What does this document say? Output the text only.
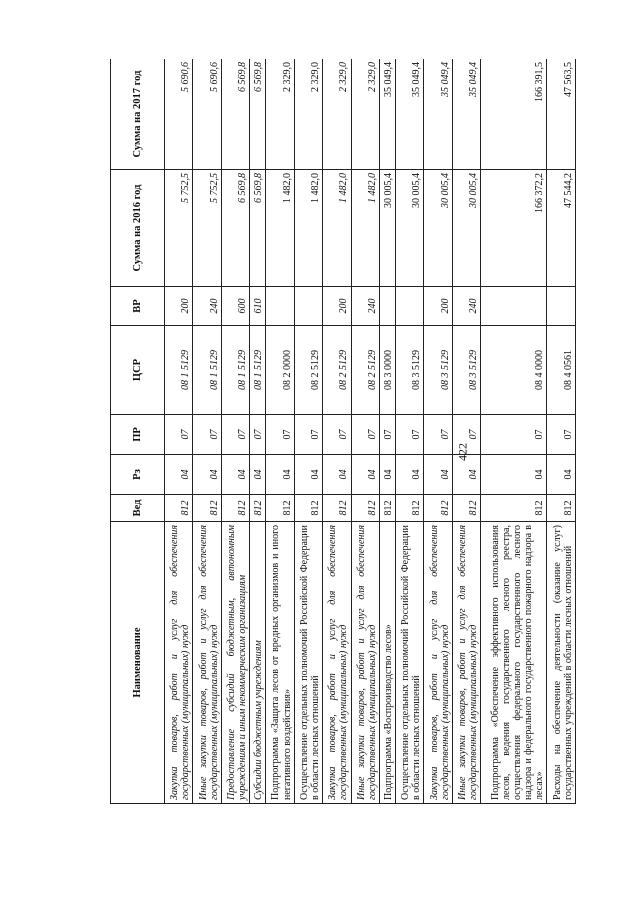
422
Наименование	Вед	Рз	ПР	ЦСР	ВР	Сумма на 2016 год	Сумма на 2017 год
Закупка товаров, работ и услуг для обеспечения государственных (муниципальных) нужд	812	04	07	08 1 5129	200	5 752,5	5 690,6
Иные закупки товаров, работ и услуг для обеспечения государственных (муниципальных) нужд	812	04	07	08 1 5129	240	5 752,5	5 690,6
Предоставление субсидий бюджетным, автономным учреждениям и иным некоммерческим организациям	812	04	07	08 1 5129	600	6 569,8	6 569,8
Субсидии бюджетным учреждениям	812	04	07	08 1 5129	610	6 569,8	6 569,8
Подпрограмма «Защита лесов от вредных организмов и иного негативного воздействия»	812	04	07	08 2 0000		1 482,0	2 329,0
Осуществление отдельных полномочий Российской Федерации в области лесных отношений	812	04	07	08 2 5129		1 482,0	2 329,0
Закупка товаров, работ и услуг для обеспечения государственных (муниципальных) нужд	812	04	07	08 2 5129	200	1 482,0	2 329,0
Иные закупки товаров, работ и услуг для обеспечения государственных (муниципальных) нужд	812	04	07	08 2 5129	240	1 482,0	2 329,0
Подпрограмма «Воспроизводство лесов»	812	04	07	08 3 0000		30 005,4	35 049,4
Осуществление отдельных полномочий Российской Федерации в области лесных отношений	812	04	07	08 3 5129		30 005,4	35 049,4
Закупка товаров, работ и услуг для обеспечения государственных (муниципальных) нужд	812	04	07	08 3 5129	200	30 005,4	35 049,4
Иные закупки товаров, работ и услуг для обеспечения государственных (муниципальных) нужд	812	04	07	08 3 5129	240	30 005,4	35 049,4
Подпрограмма «Обеспечение эффективного использования лесов, ведения государственного лесного реестра, осуществления федерального государственного лесного надзора и федерального государственного пожарного надзора в лесах»	812	04	07	08 4 0000		166 372,2	166 391,5
Расходы на обеспечение деятельности (оказание услуг) государственных учреждений в области лесных отношений	812	04	07	08 4 0561		47 544,2	47 563,5
